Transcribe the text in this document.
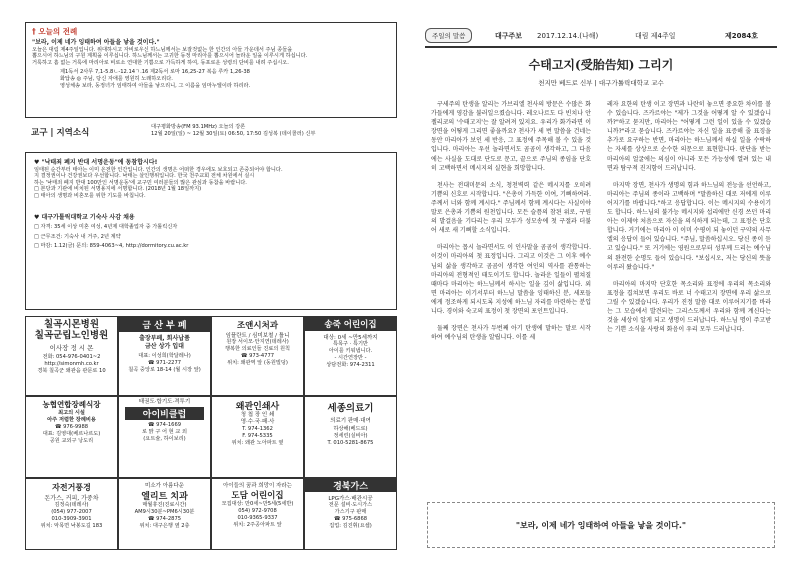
† 오늘의 전례
"보라, 이제 네가 잉태하여 아들을 낳을 것이다."
오늘은 대림 제4주일입니다. 위대하시고 자비로우신 하느님께서는 보잘것없는 한 인간의 아들 가운데서 주님 종들을
뽑으시어 하느님의 구원 계획을 이루십니다. 하느님께서는 고귀한 동정 마리아를 뽑으시어 놀라운 일을 이루시게 하십니다.
거룩하고 흠 없는 거룩에 마리아로 비로소 연대한 기쁨으로 가득하게 하여, 동포로운 성령의 단비를 내려 주십시오.
제1독서 2사무 7,1-5.8ㄴ-12.14ㄱ.16 제2독서 로마 16,25-27 복음 루카 1,26-38
화답송 ◎ 주님, 당신 자애를 영원히 노래하오리다.
영성체송 보라, 동정녀가 임태하여 아들을 낳으리니, 그 이름을 임마누엘이라 하리라.
교구 | 지역소식
대구평화방송(FM 93.1MHz) 오늘의 강론
12월 20일(일) ~ 12월 30일(토) 06:50, 17:50 김성복 (데이콜러) 신부
♥ "낙태죄 폐지 반대 서명운동"에 동참합시다!
임태된 순간부터 태아는 이미 온전한 인간입니다. 인간의 생명은 어떠한 경우에도 보호되고 존중되어야 합니다.
지 결정권이나 건강권보다 우선합니다. 낙태는 살인행위입니다. 한국 천주교회 전체 차원에서 실시
하는 '낙태죄 폐지 반대 100만인 서명운동'에 교구민 여러분들의 많은 관심과 동참을 바랍니다.
□ 본당과 기관에 비치된 서명용지에 서명합니다. (2018년 1월 18일까지)
□ 태아의 생명과 비혼모를 위한 기도를 바칩니다.
♥ 대구가톨릭대학교 기숙사 사감 채용
□ 자격: 35세 이상 미혼 여성, 4년제 대학졸업자 중 가톨릭신자
□ 근무조건: 기숙사 내 거주, 2년 계약
□ 마감: 1.12(금) 문의: 859-4063~4, http://dormitory.cu.ac.kr
칠곡시몬병원
칠곡군립노인병원
이사장 정 시 몬
전화: 054-976-0401~2
http://simonmh.co.kr
경북 칠곡군 왜관읍 관문로 10
금 산 부 페
출장부페, 회사납품
금산 상가 입대
대표: 이성희(학달레나)
☎ 971-2277
칠곡 중앙로 18-14 (월 시장 앞)
조앤시처과
임플란트 / 심미보철 / 틀니
원장 서이모·안지연(데레사)
행복한 의료인들 진료의 원칙
☎ 973-4777
위치: 왜관역 앞 (동원빌딩)
송죽 어린이집
대상: 0세 ~만5세까지
특목구 · 특기반
아이를 키워냅니다.
- 시간연장반 -
상담전화: 974-2311
농협연합장례식장
최고의 시설
아주 저렴한 장례비용
☎ 976-9988
대표: 김영대(베르나르도)
공원 교외구 낭도리
태권도·합기도·격투기
아이비클럽
☎ 974-1669
로 맑 구 어 현 교 외
(요트슐, 하이보리)
왜관인쇄사
청 첩 장 인 쇄
영·수·국·패·사
T. 974-1362
F. 974-5335
위치: 왜관 노아파트 옆
세종의료기
의료기 판매·대여
하상해(베드로)
정세린(실비아)
T. 010-5281-8675
자전거풍경
돈가스, 커피, 가중차
김정숙(데레사)
(054) 977-2007
010-3909-3901
위치: 악목면 낙봉도길 183
미소가 아름다운
엘리트 치과
매월휴진(진료시간)
AM9시30분~PM6시30분
☎ 974-2875
위치: 대구은행 옆 2층
아이들의 꿈과 희망이 자라는
도담 어린이집
모집대상: 만0세~만5세(5세반)
054) 972-9708
010-9365-9337
위치: 2주공아파트 앞
경북가스
LPG가스·배관시공
전문 설비·도시가스
가스기구 판매
☎ 975-6868
집업: 김진휘(요셉)
주일의 말씀	대구주보 2017.12.14.(나해)	대림 제4주일	제2084호
수태고지(受胎告知) 그리기
천지만 베드로 신부 | 대구가톨릭대학교 교수

구세주의 탄생을 알리는 가브리엘 천사의 방문은 수많은 화가들에게 영감을 불러일으켰습니다. 레오나르도 다 빈치나 안젤리코의 '수태고지'는 잘 알려져 있지요. 우리가 화가라면 이 장면을 어떻게 그리면 좋을까요? 천사가 세 번 말씀을 건네는 동안 마리아가 보인 세 반응, 그 표정에 주목해 볼 수 있을 것입니다. 마리아는 우선 놀라면서도 곰곰이 생각하고, 그 다음에는 사실을 도대로 단도로 문고, 끝으로 주님의 종임을 단호히 고백하면서 메시지의 실현을 희망합니다.

천사는 전대미문의 소식, 청천벽력 같은 메시지를 오히려 기쁨의 신호로 시작합니다. "은총이 가득한 이여, 기뻐하여라. 주께서 너와 함께 계시다." 주님께서 함께 계시다는 사실이야말로 은총과 기쁨의 원천입니다. 모든 슬픔의 참된 위로, 구원의 발걸음을 기다리는 우리 모두가 성모송에 첫 구절과 더불어 새로 새 기뻐할 소식입니다.

마리아는 몹시 놀라면서도 이 인사말을 곰곰이 생각합니다. 이것이 마리아의 첫 표정입니다. 그리고 이것은 그 이후 예수님의 삶을 생각하고 곰곰이 생각한 여인의 역사를 관통하는 마리아의 전형적인 태도이기도 합니다. 놀라운 일들이 펼쳐질 때마다 마리아는 하느님께서 하시는 일을 깊이 삶입니다. 외면 마리아는 이기서부터 하느님 말씀을 잉태하신 분, 세포들에게 정조하게 되시도록 지성에 하느님 자리를 마련하는 분입니다. 경이와 숙고의 표정이 첫 장면의 포인트입니다.

둘째 장면은 천사가 두번째 아기 탄생에 말하는 말로 시작하여 예수님의 탄생을 알립니다. 이를 세

레자 요한의 탄생 이고 장면과 나란히 놓으면 중요한 차이를 볼 수 있습니다. 즈카르야는 "제가 그것을 어떻게 알 수 있겠습니까?"하고 묻지만, 마리아는 "어떻게 그런 일이 있을 수 있겠습니까?"라고 묻습니다. 즈카르야는 자신 일을 표증해 줄 표징을 추가로 요구하는 반면, 마리아는 하느님께서 하실 일을 수락하는 자세를 상상으로 순수한 의문으로 표현합니다. 판단을 받는 마리아의 얼굴에는 의심이 아니라 모든 가능성에 열려 있는 내면과 탐구적 진지함이 드러납니다.

마지막 장면, 천사가 생명의 힘과 하느님의 전능을 선언하고, 마리아는 주님의 종이라 고백하며 "말씀하신 대로 저에게 이루어지기를 바랍니다."하고 응답합니다. 이는 메시지의 수용이기도 합니다. 하느님의 불가능 메시지와 섭리에만 신경 쓰던 마리아는 이제야 처음으로 자신을 의식하게 되는데, 그 표정은 단호합니다. 거기에는 마리아 이 이미 수평이 되 놓이던 구약의 사무엘의 응답이 들어 있습니다. "주님, 말씀하십시오. 당신 종이 듣고 있습니다." 또 거기에는 영원으로부터 성부께 드리는 예수님의 완전한 순명도 들어 있습니다. "보십시오, 저는 당신의 뜻을 이루러 왔습니다."

마리아의 마지막 단호한 목소리와 표정에 우리의 목소리와 표정을 겹쳐보면 우리도 바로 너 수태고지 장면에 우리 삶으로 그릴 수 있겠습니다. 우리가 진정 말씀 대로 이루어지기를 바라는 그 모습에서 발견되는 그리스도께서 우리와 함께 계신다는 것을 세상이 알게 되고 생명이 드러납니다. 하느님 명이 주고받는 기쁜 소식을 사랑의 화음이 우리 모두 드러납니다.

"보라, 이제 네가 잉태하여 아들을 낳을 것이다."
